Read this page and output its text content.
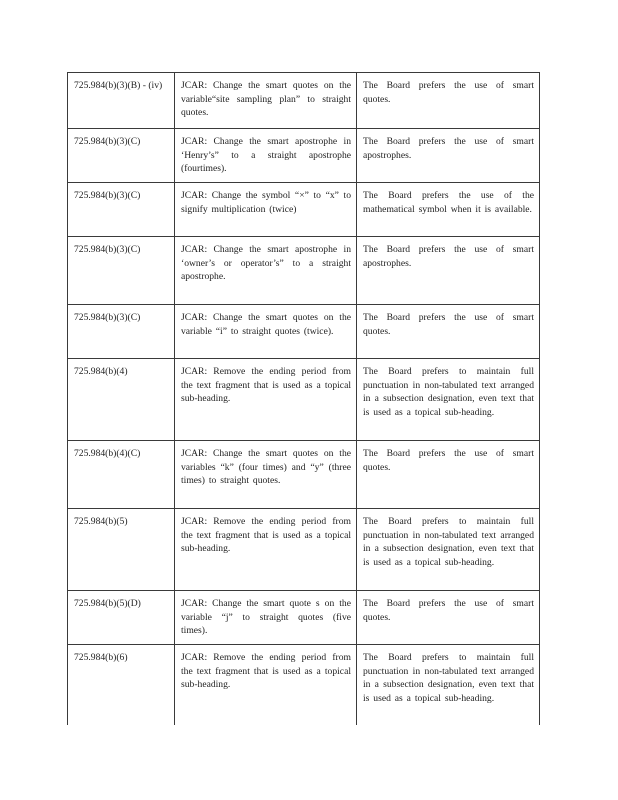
725.984(b)(3)(B) - (iv)	JCAR: Change the smart quotes on the variable“site sampling plan” to straight quotes.	The Board prefers the use of smart quotes.
725.984(b)(3)(C)	JCAR: Change the smart apostrophe in ‘Henry’s” to a straight apostrophe (fourtimes).	The Board prefers the use of smart apostrophes.
725.984(b)(3)(C)	JCAR: Change the symbol “×” to “x” to signify multiplication (twice)	The Board prefers the use of the mathematical symbol when it is available.
725.984(b)(3)(C)	JCAR: Change the smart apostrophe in ‘owner’s or operator’s” to a straight apostrophe.	The Board prefers the use of smart apostrophes.
725.984(b)(3)(C)	JCAR: Change the smart quotes on the variable “i” to straight quotes (twice).	The Board prefers the use of smart quotes.
725.984(b)(4)	JCAR: Remove the ending period from the text fragment that is used as a topical sub-heading.	The Board prefers to maintain full punctuation in non-tabulated text arranged in a subsection designation, even text that is used as a topical sub-heading.
725.984(b)(4)(C)	JCAR: Change the smart quotes on the variables “k” (four times) and “y” (three times) to straight quotes.	The Board prefers the use of smart quotes.
725.984(b)(5)	JCAR: Remove the ending period from the text fragment that is used as a topical sub-heading.	The Board prefers to maintain full punctuation in non-tabulated text arranged in a subsection designation, even text that is used as a topical sub-heading.
725.984(b)(5)(D)	JCAR: Change the smart quote s on the variable “j” to straight quotes (five times).	The Board prefers the use of smart quotes.
725.984(b)(6)	JCAR: Remove the ending period from the text fragment that is used as a topical sub-heading.	The Board prefers to maintain full punctuation in non-tabulated text arranged in a subsection designation, even text that is used as a topical sub-heading.
